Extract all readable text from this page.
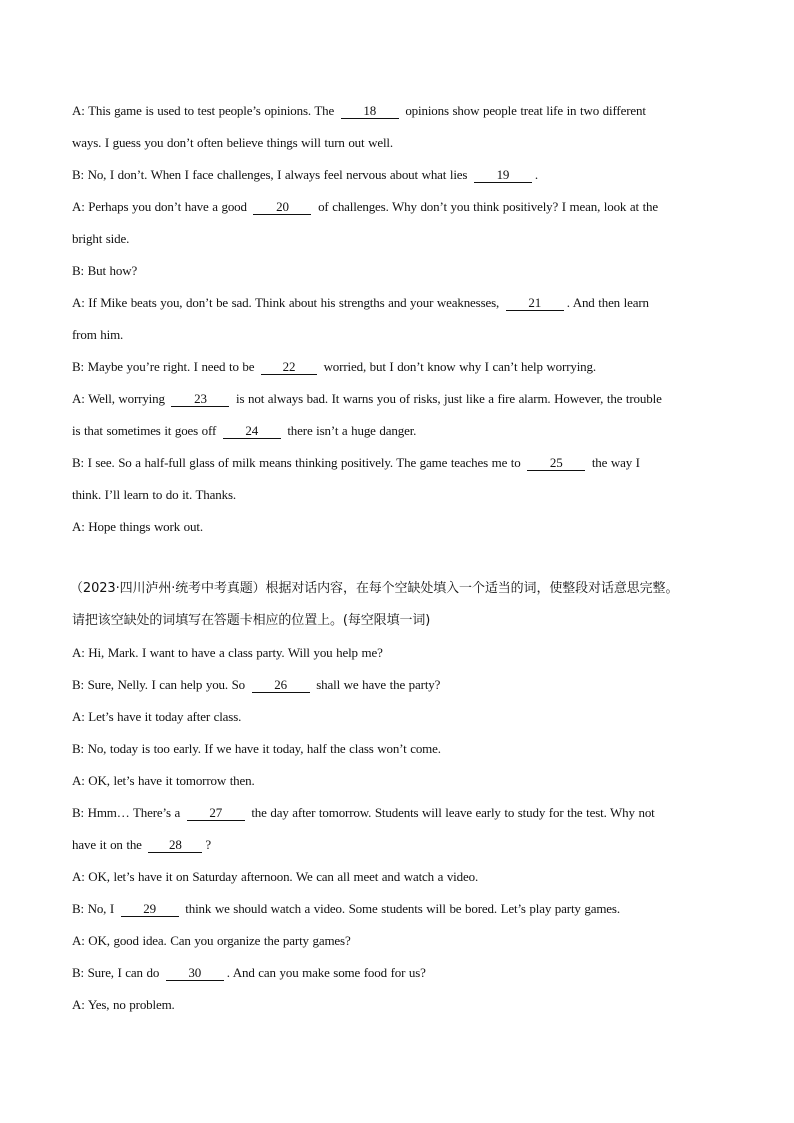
A: This game is used to test people’s opinions. The 18 opinions show people treat life in two different
ways. I guess you don’t often believe things will turn out well.
B: No, I don’t. When I face challenges, I always feel nervous about what lies 19 .
A: Perhaps you don’t have a good 20 of challenges. Why don’t you think positively? I mean, look at the
bright side.
B: But how?
A: If Mike beats you, don’t be sad. Think about his strengths and your weaknesses, 21 . And then learn
from him.
B: Maybe you’re right. I need to be 22 worried, but I don’t know why I can’t help worrying.
A: Well, worrying 23 is not always bad. It warns you of risks, just like a fire alarm. However, the trouble
is that sometimes it goes off 24 there isn’t a huge danger.
B: I see. So a half-full glass of milk means thinking positively. The game teaches me to 25 the way I
think. I’ll learn to do it. Thanks.
A: Hope things work out.
（2023·四川泸州·统考中考真题）根据对话内容，在每个空缺处填入一个适当的词，使整段对话意思完整。
请把该空缺处的词填写在答题卡相应的位置上。(每空限填一词)
A: Hi, Mark. I want to have a class party. Will you help me?
B: Sure, Nelly. I can help you. So 26 shall we have the party?
A: Let’s have it today after class.
B: No, today is too early. If we have it today, half the class won’t come.
A: OK, let’s have it tomorrow then.
B: Hmm… There’s a 27 the day after tomorrow. Students will leave early to study for the test. Why not
have it on the 28 ?
A: OK, let’s have it on Saturday afternoon. We can all meet and watch a video.
B: No, I 29 think we should watch a video. Some students will be bored. Let’s play party games.
A: OK, good idea. Can you organize the party games?
B: Sure, I can do 30 . And can you make some food for us?
A: Yes, no problem.
